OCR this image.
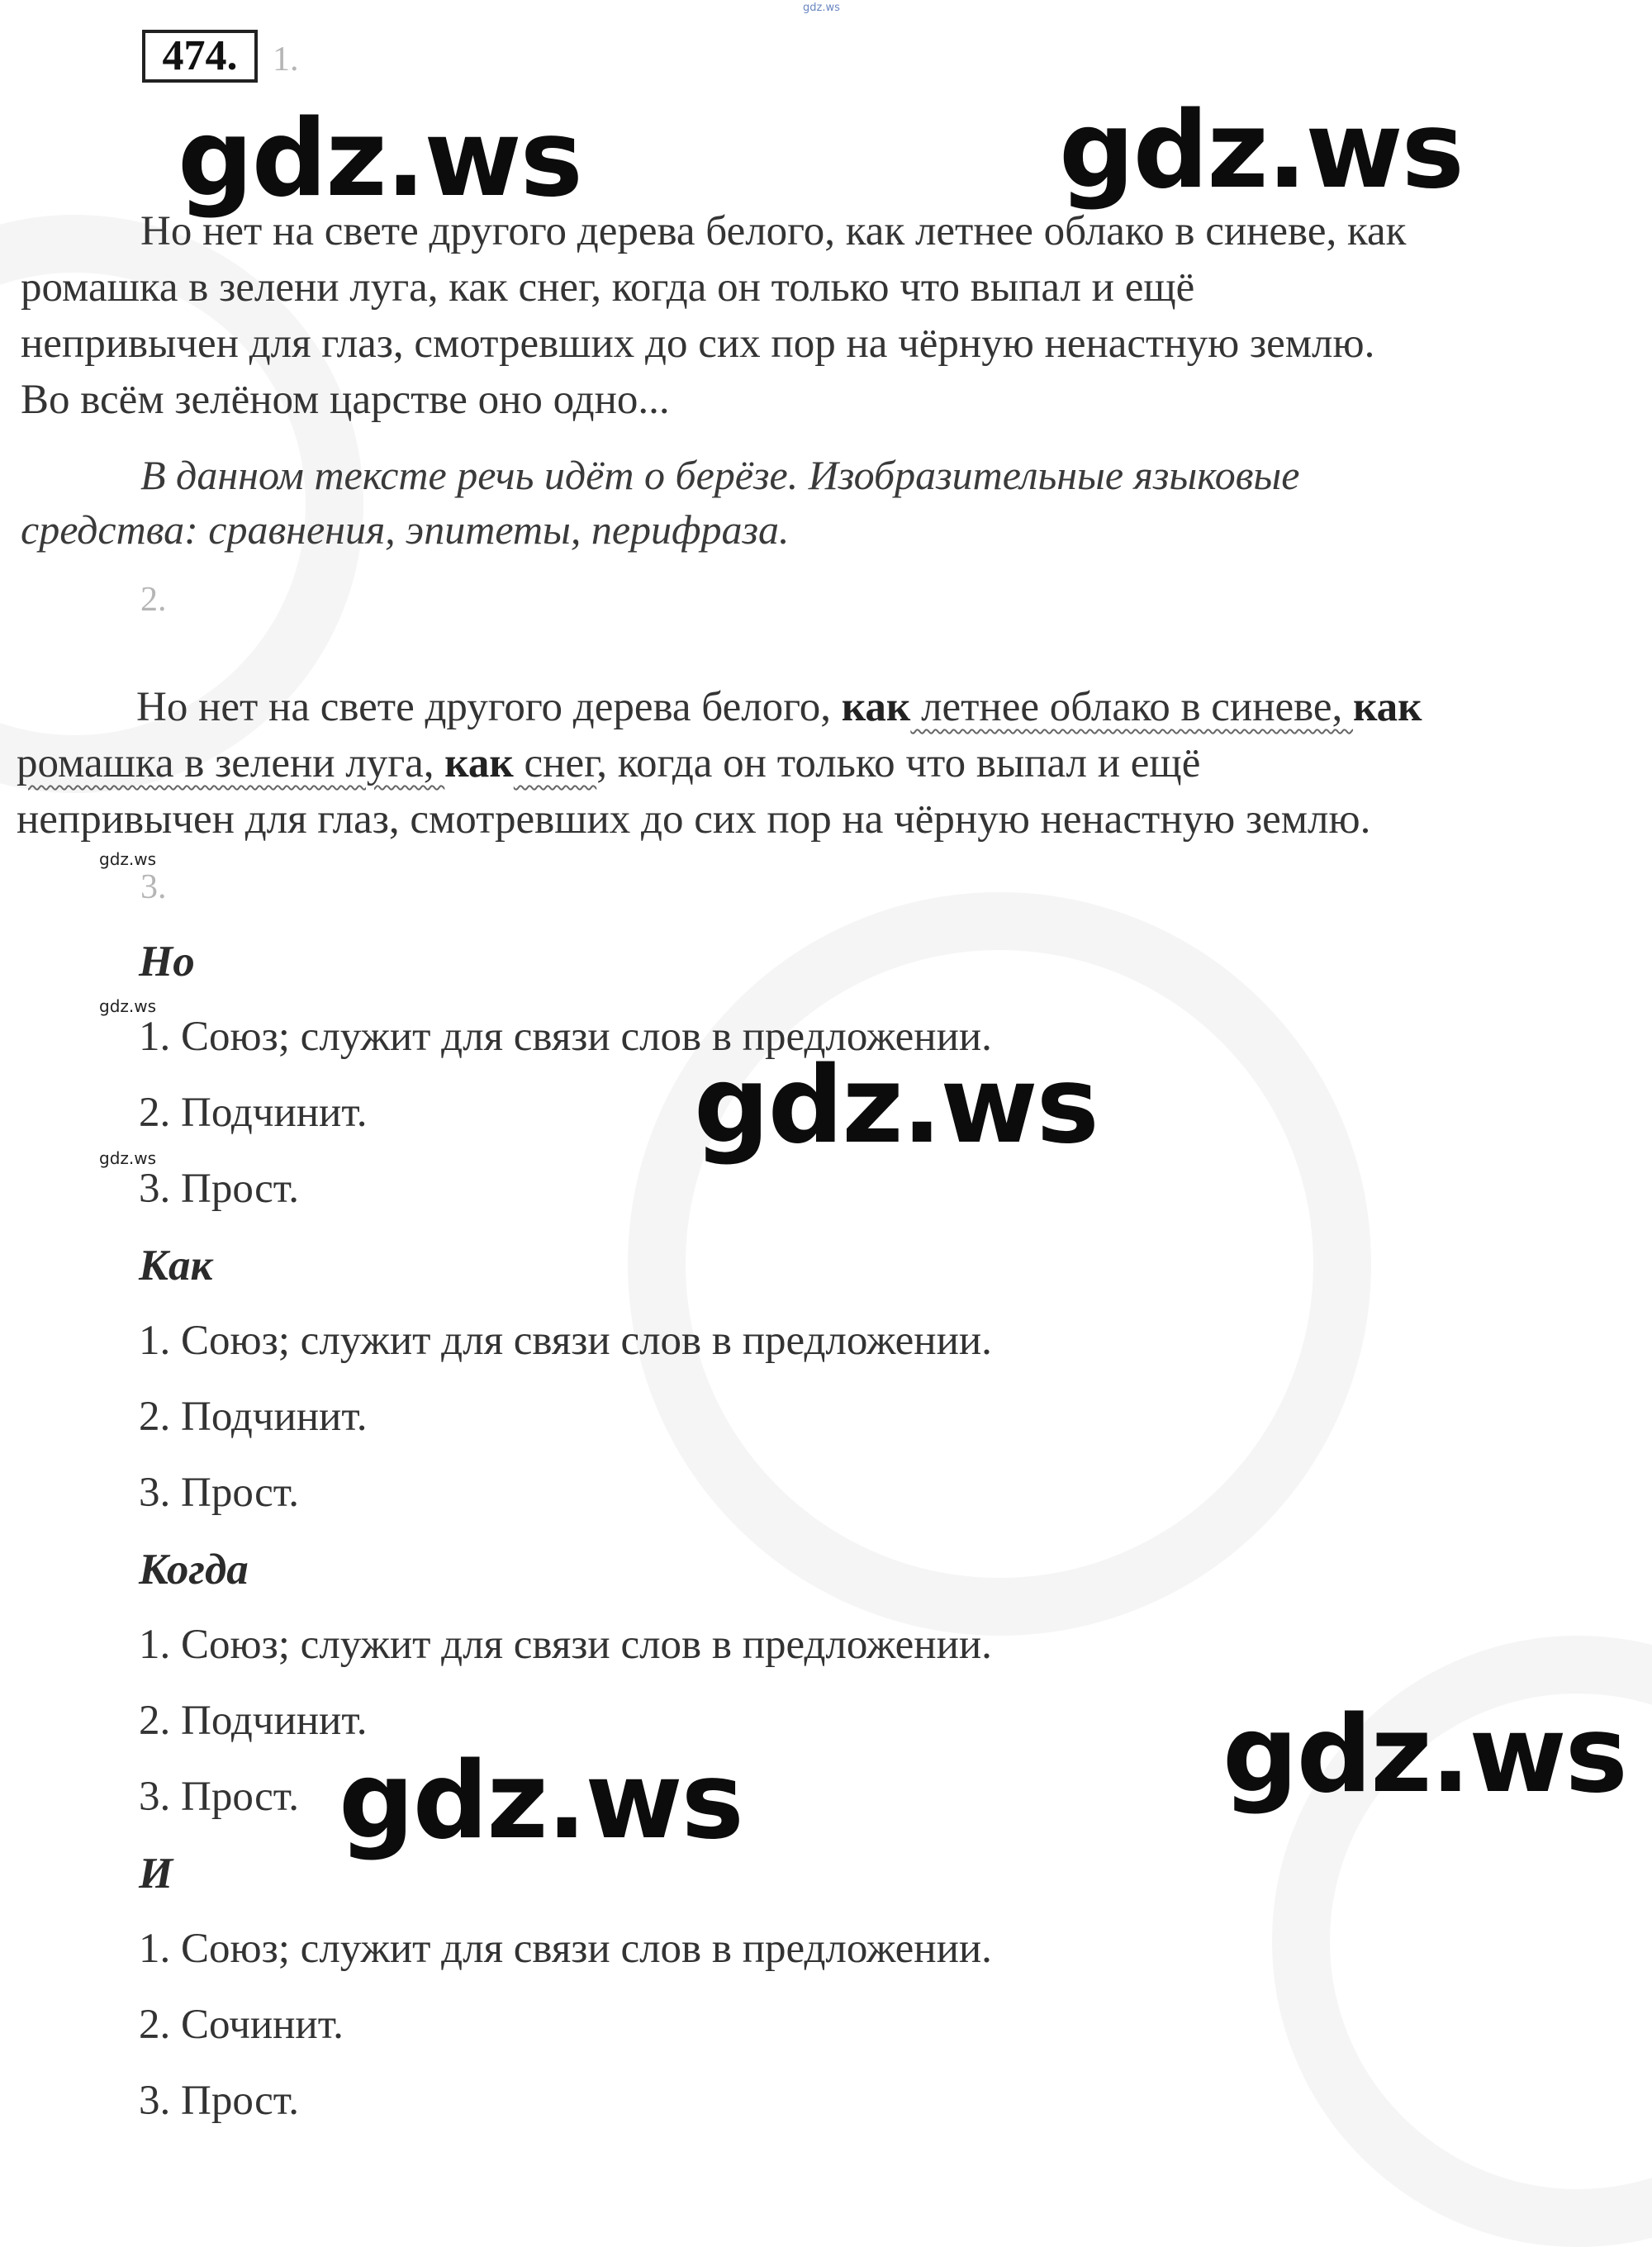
gdz.ws
474.	1.
Но нет на свете другого дерева белого, как летнее облако в синеве, как
ромашка в зелени луга, как снег, когда он только что выпал и ещё
непривычен для глаз, смотревших до сих пор на чёрную ненастную землю.
Во всём зелёном царстве оно одно...
В данном тексте речь идёт о берёзе. Изобразительные языковые
средства: сравнения, эпитеты, перифраза.
2.
Но нет на свете другого дерева белого, как летнее облако в синеве, как
ромашка в зелени луга, как снег, когда он только что выпал и ещё
непривычен для глаз, смотревших до сих пор на чёрную ненастную землю.
3.
Но
1. Союз; служит для связи слов в предложении.
2. Подчинит.
3. Прост.
Как
1. Союз; служит для связи слов в предложении.
2. Подчинит.
3. Прост.
Когда
1. Союз; служит для связи слов в предложении.
2. Подчинит.
3. Прост.
И
1. Союз; служит для связи слов в предложении.
2. Сочинит.
3. Прост.
gdz.ws	gdz.ws
gdz.ws
gdz.ws
gdz.ws
gdz.ws
gdz.ws
gdz.ws
